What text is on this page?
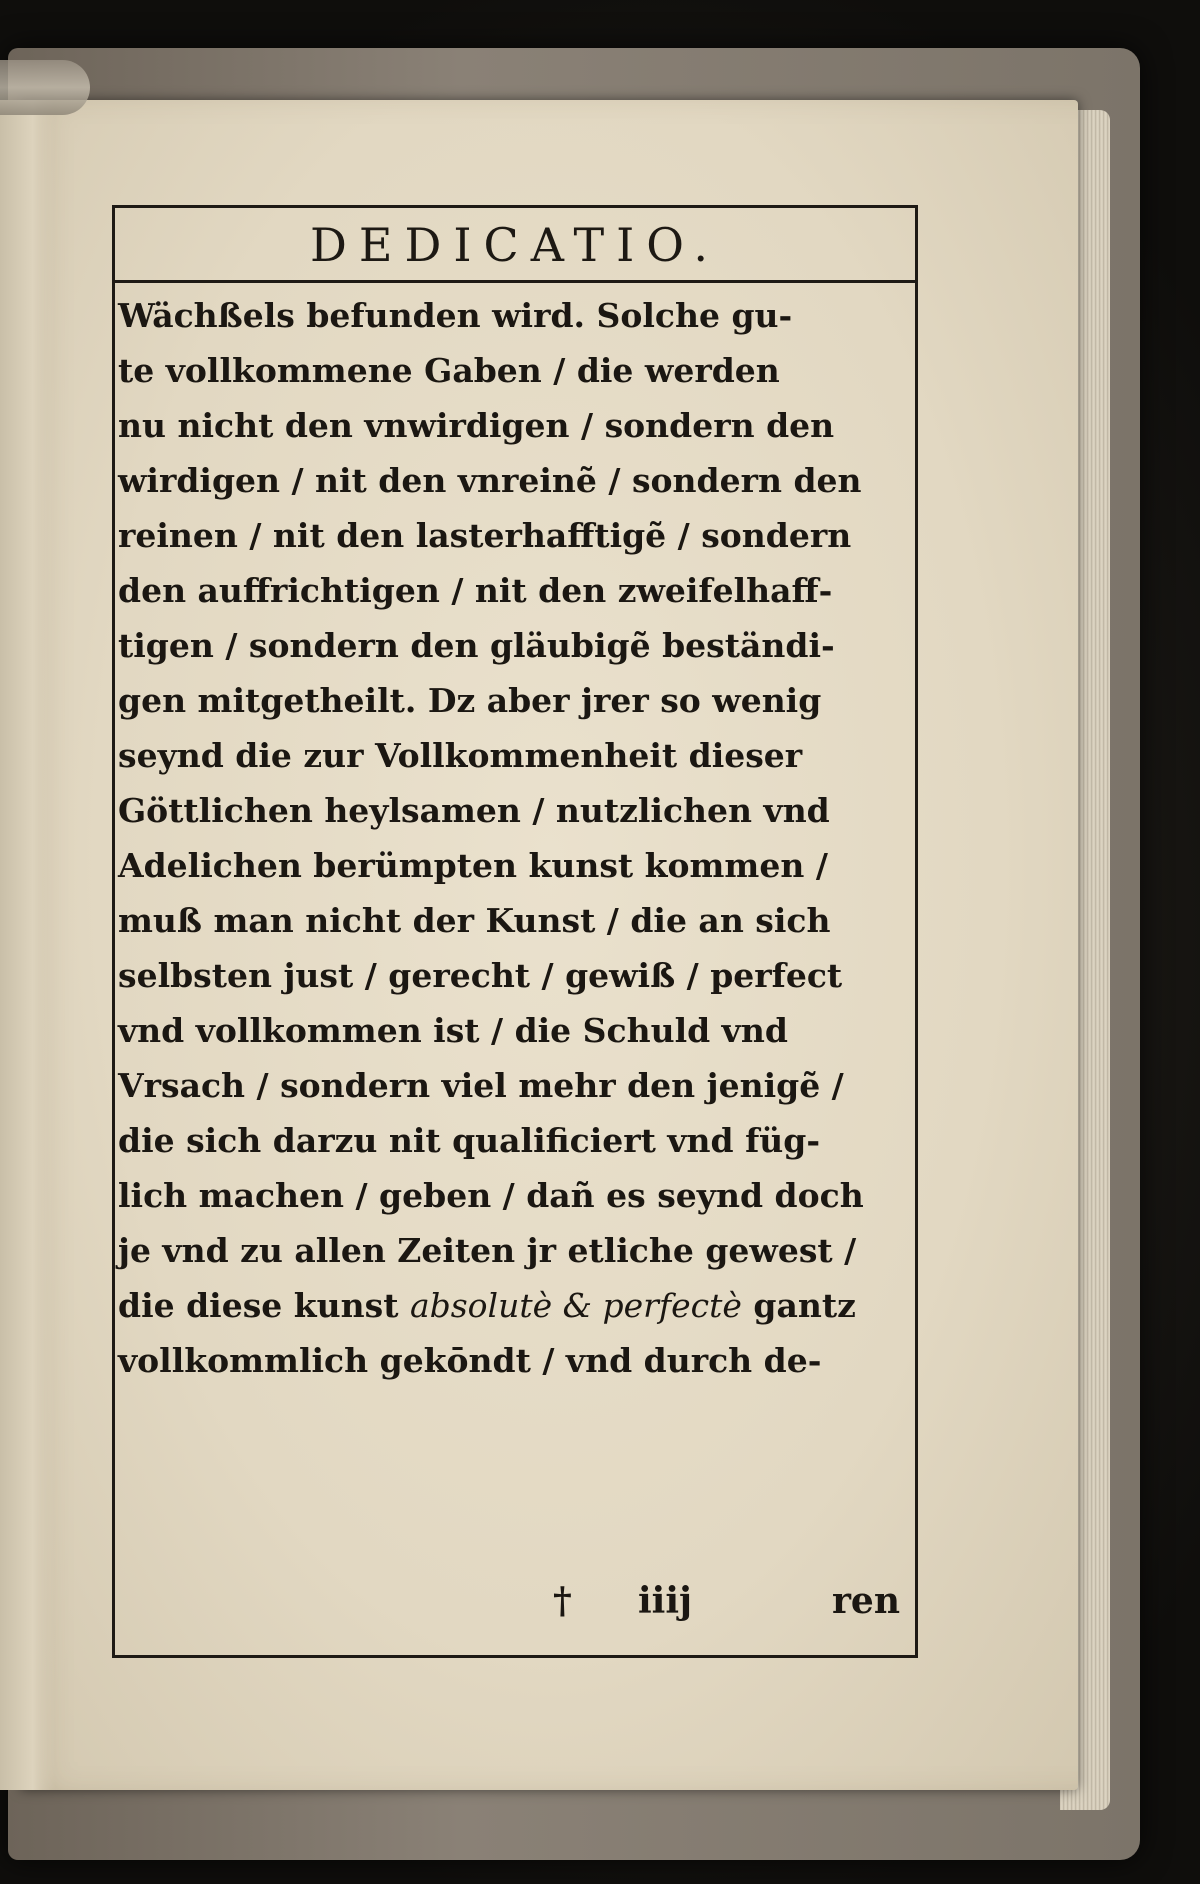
DEDICATIO.
Wächßels befunden wird. Solche gu-
te vollkommene Gaben / die werden
nu nicht den vnwirdigen / sondern den
wirdigen / nit den vnreinẽ / sondern den
reinen / nit den lasterhafftigẽ / sondern
den auffrichtigen / nit den zweifelhaff-
tigen / sondern den gläubigẽ beständi-
gen mitgetheilt. Dz aber jrer so wenig
seynd die zur Vollkommenheit dieser
Göttlichen heylsamen / nutzlichen vnd
Adelichen berümpten kunst kommen /
muß man nicht der Kunst / die an sich
selbsten just / gerecht / gewiß / perfect
vnd vollkommen ist / die Schuld vnd
Vrsach / sondern viel mehr den jenigẽ /
die sich darzu nit qualificiert vnd füg-
lich machen / geben / dañ es seynd doch
je vnd zu allen Zeiten jr etliche gewest /
die diese kunst absolutè & perfectè gantz
vollkommlich gekōndt / vnd durch de-
† iiij	ren
